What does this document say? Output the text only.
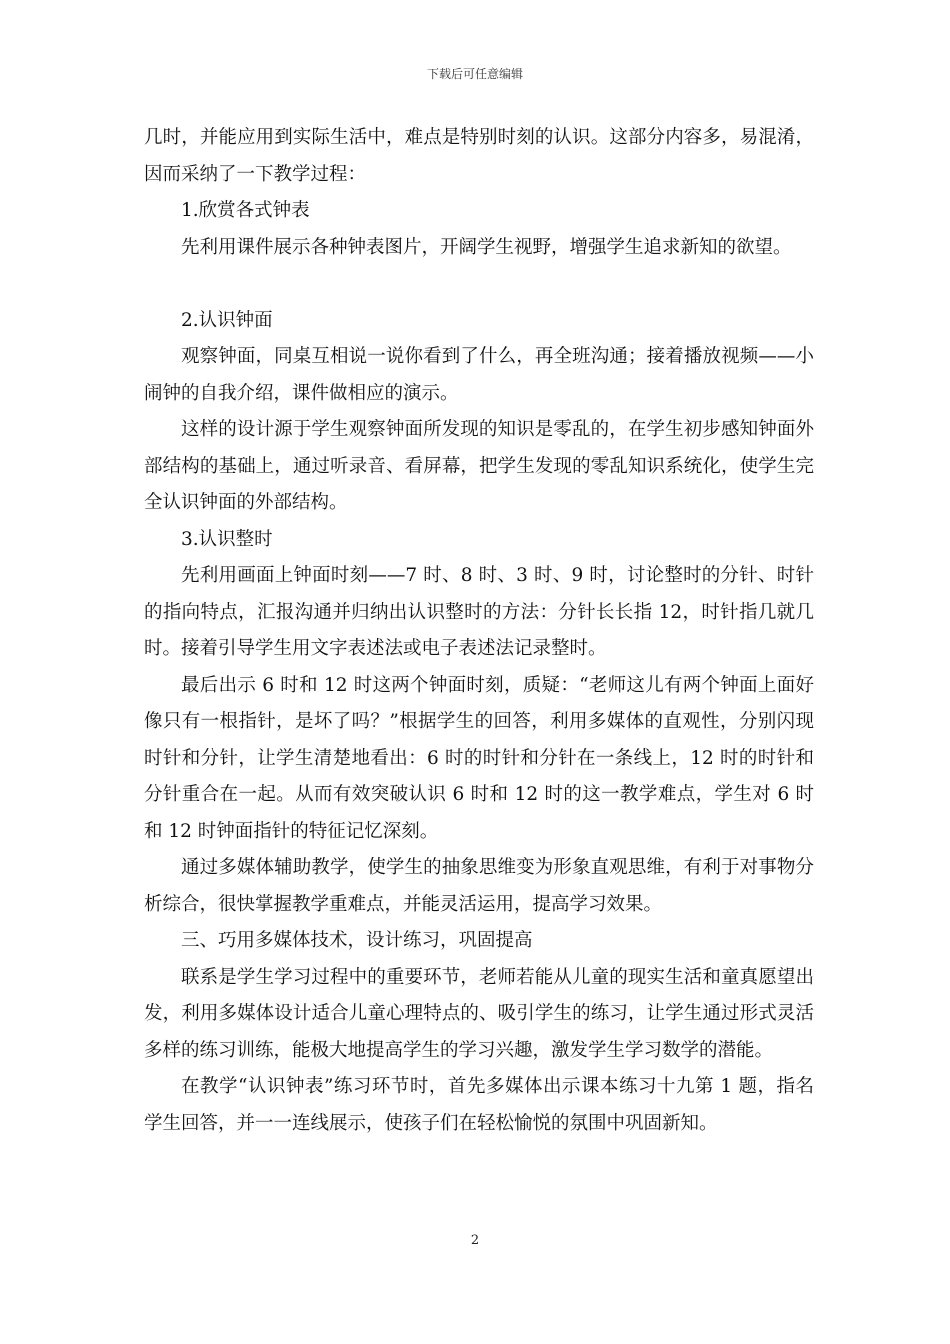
下载后可任意编辑

几时，并能应用到实际生活中，难点是特别时刻的认识。这部分内容多，易混淆，因而采纳了一下教学过程：

1.欣赏各式钟表

先利用课件展示各种钟表图片，开阔学生视野，增强学生追求新知的欲望。

2.认识钟面

观察钟面，同桌互相说一说你看到了什么，再全班沟通；接着播放视频——小闹钟的自我介绍，课件做相应的演示。

这样的设计源于学生观察钟面所发现的知识是零乱的，在学生初步感知钟面外部结构的基础上，通过听录音、看屏幕，把学生发现的零乱知识系统化，使学生完全认识钟面的外部结构。

3.认识整时

先利用画面上钟面时刻——7 时、8 时、3 时、9 时，讨论整时的分针、时针的指向特点，汇报沟通并归纳出认识整时的方法：分针长长指 12，时针指几就几时。接着引导学生用文字表述法或电子表述法记录整时。

最后出示 6 时和 12 时这两个钟面时刻，质疑：“老师这儿有两个钟面上面好像只有一根指针，是坏了吗？”根据学生的回答，利用多媒体的直观性，分别闪现时针和分针，让学生清楚地看出：6 时的时针和分针在一条线上，12 时的时针和分针重合在一起。从而有效突破认识 6 时和 12 时的这一教学难点，学生对 6 时和 12 时钟面指针的特征记忆深刻。

通过多媒体辅助教学，使学生的抽象思维变为形象直观思维，有利于对事物分析综合，很快掌握教学重难点，并能灵活运用，提高学习效果。

三、巧用多媒体技术，设计练习，巩固提高

联系是学生学习过程中的重要环节，老师若能从儿童的现实生活和童真愿望出发，利用多媒体设计适合儿童心理特点的、吸引学生的练习，让学生通过形式灵活多样的练习训练，能极大地提高学生的学习兴趣，激发学生学习数学的潜能。

在教学“认识钟表”练习环节时，首先多媒体出示课本练习十九第 1 题，指名学生回答，并一一连线展示，使孩子们在轻松愉悦的氛围中巩固新知。

2
